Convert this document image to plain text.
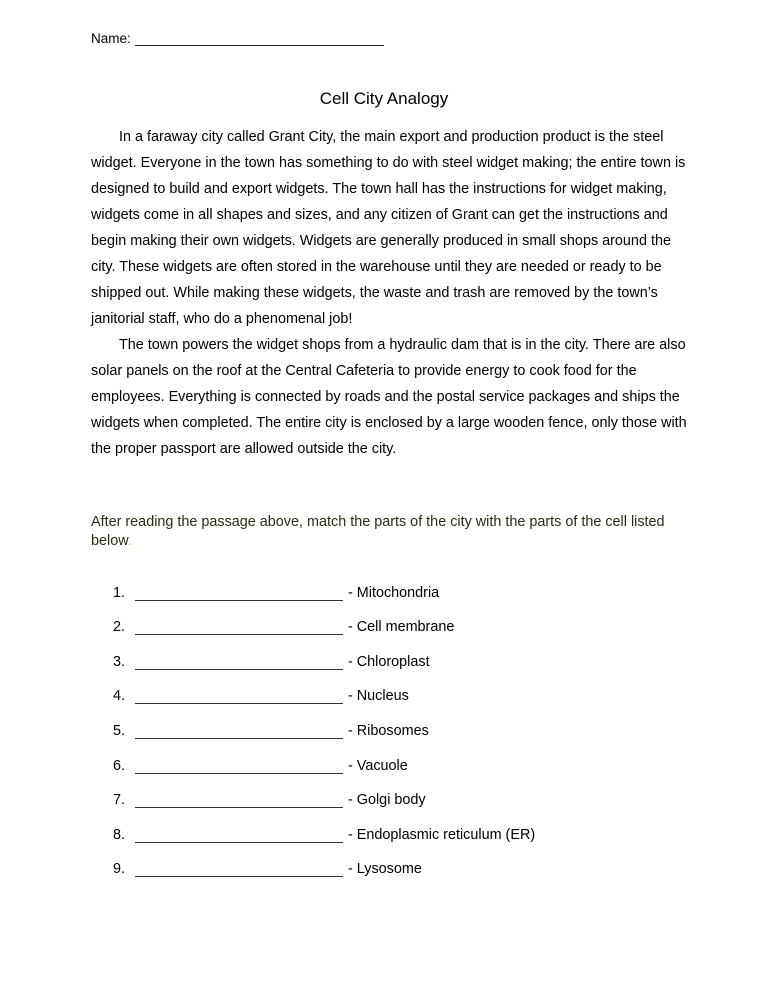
Name:
Cell City Analogy

In a faraway city called Grant City, the main export and production product is the steel widget. Everyone in the town has something to do with steel widget making; the entire town is designed to build and export widgets. The town hall has the instructions for widget making, widgets come in all shapes and sizes, and any citizen of Grant can get the instructions and begin making their own widgets. Widgets are generally produced in small shops around the city. These widgets are often stored in the warehouse until they are needed or ready to be shipped out. While making these widgets, the waste and trash are removed by the town’s janitorial staff, who do a phenomenal job!

The town powers the widget shops from a hydraulic dam that is in the city. There are also solar panels on the roof at the Central Cafeteria to provide energy to cook food for the employees. Everything is connected by roads and the postal service packages and ships the widgets when completed. The entire city is enclosed by a large wooden fence, only those with the proper passport are allowed outside the city.

After reading the passage above, match the parts of the city with the parts of the cell listed below.
1.	- Mitochondria
2.	- Cell membrane
3.	- Chloroplast
4.	- Nucleus
5.	- Ribosomes
6.	- Vacuole
7.	- Golgi body
8.	- Endoplasmic reticulum (ER)
9.	- Lysosome
